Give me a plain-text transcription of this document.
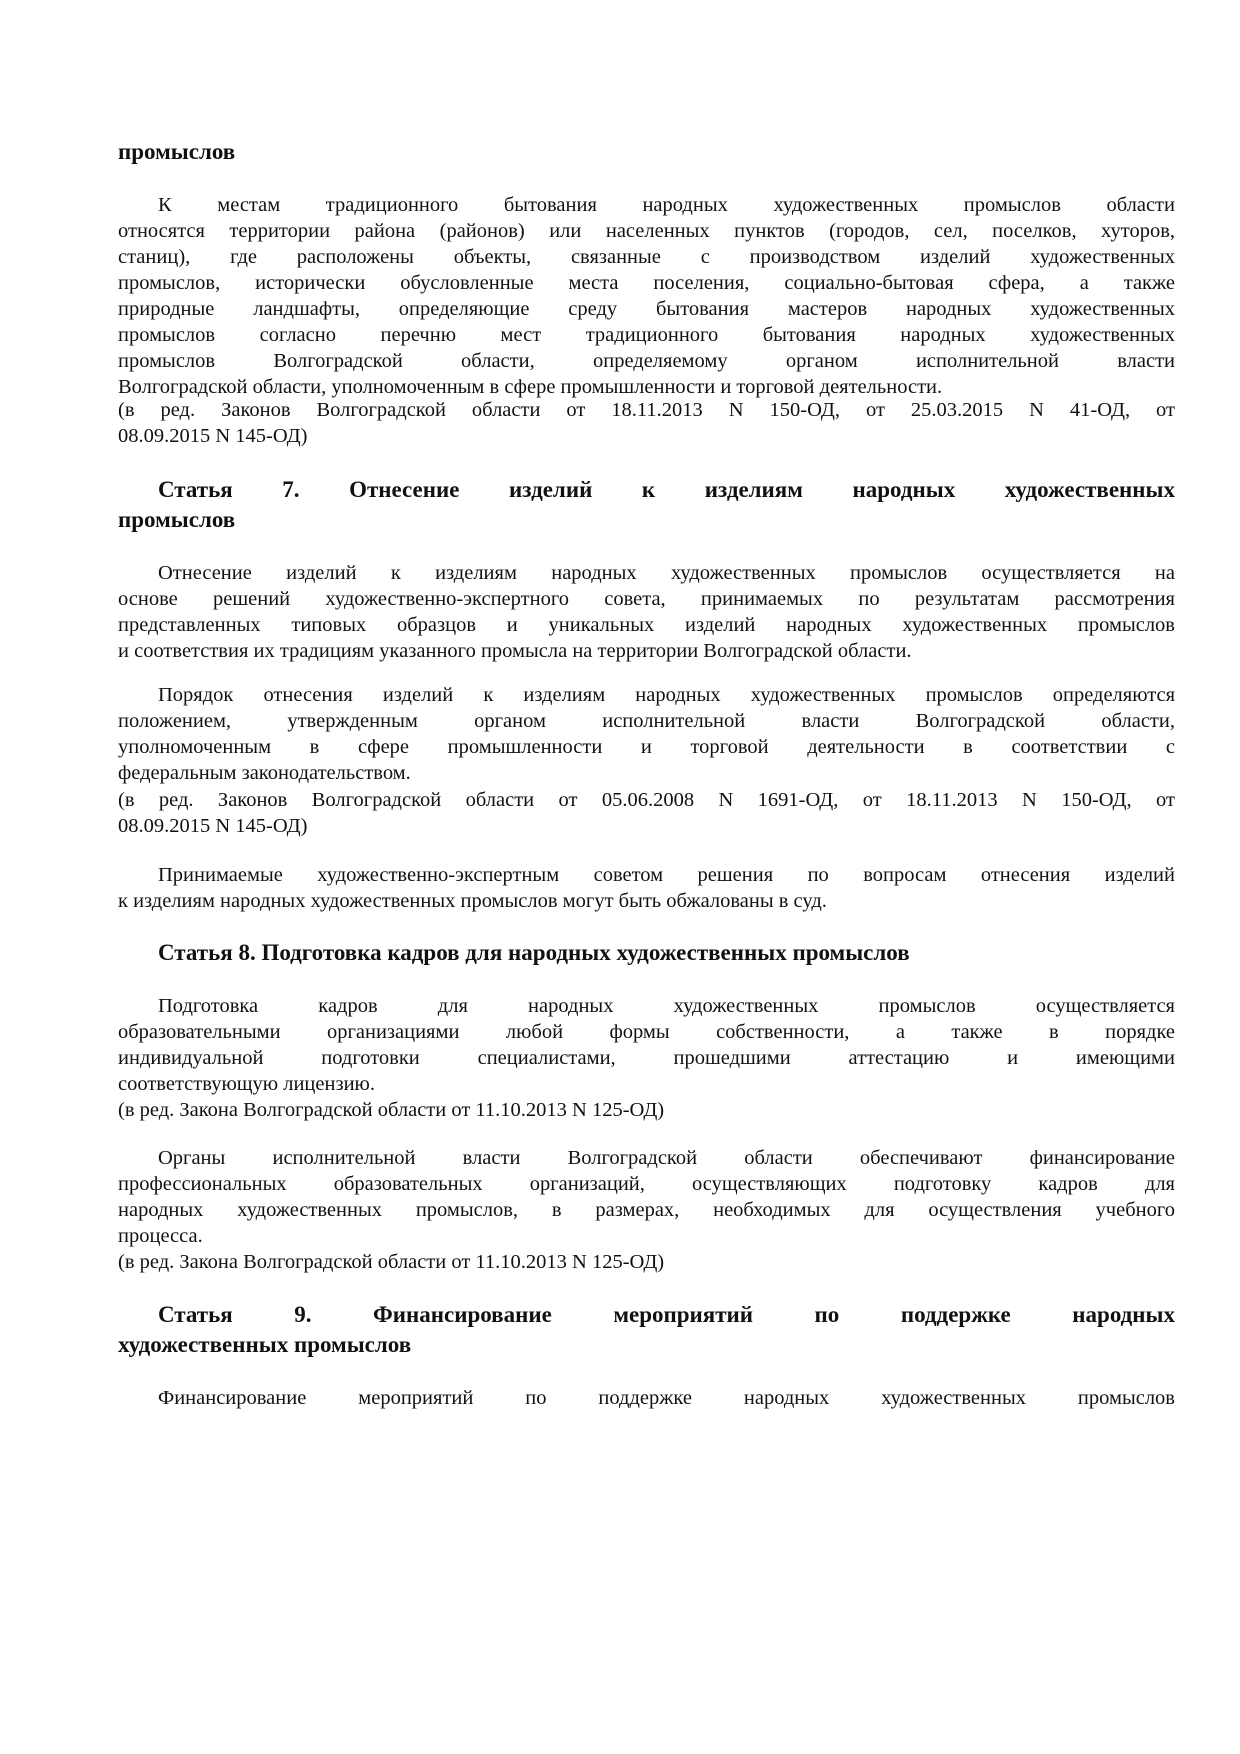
промыслов
К местам традиционного бытования народных художественных промыслов области
относятся территории района (районов) или населенных пунктов (городов, сел, поселков, хуторов,
станиц), где расположены объекты, связанные с производством изделий художественных
промыслов, исторически обусловленные места поселения, социально-бытовая сфера, а также
природные ландшафты, определяющие среду бытования мастеров народных художественных
промыслов согласно перечню мест традиционного бытования народных художественных
промыслов Волгоградской области, определяемому органом исполнительной власти
Волгоградской области, уполномоченным в сфере промышленности и торговой деятельности.
(в ред. Законов Волгоградской области от 18.11.2013 N 150-ОД, от 25.03.2015 N 41-ОД, от
08.09.2015 N 145-ОД)
Статья 7. Отнесение изделий к изделиям народных художественных
промыслов
Отнесение изделий к изделиям народных художественных промыслов осуществляется на
основе решений художественно-экспертного совета, принимаемых по результатам рассмотрения
представленных типовых образцов и уникальных изделий народных художественных промыслов
и соответствия их традициям указанного промысла на территории Волгоградской области.
Порядок отнесения изделий к изделиям народных художественных промыслов определяются
положением, утвержденным органом исполнительной власти Волгоградской области,
уполномоченным в сфере промышленности и торговой деятельности в соответствии с
федеральным законодательством.
(в ред. Законов Волгоградской области от 05.06.2008 N 1691-ОД, от 18.11.2013 N 150-ОД, от
08.09.2015 N 145-ОД)
Принимаемые художественно-экспертным советом решения по вопросам отнесения изделий
к изделиям народных художественных промыслов могут быть обжалованы в суд.
Статья 8. Подготовка кадров для народных художественных промыслов
Подготовка кадров для народных художественных промыслов осуществляется
образовательными организациями любой формы собственности, а также в порядке
индивидуальной подготовки специалистами, прошедшими аттестацию и имеющими
соответствующую лицензию.
(в ред. Закона Волгоградской области от 11.10.2013 N 125-ОД)
Органы исполнительной власти Волгоградской области обеспечивают финансирование
профессиональных образовательных организаций, осуществляющих подготовку кадров для
народных художественных промыслов, в размерах, необходимых для осуществления учебного
процесса.
(в ред. Закона Волгоградской области от 11.10.2013 N 125-ОД)
Статья 9. Финансирование мероприятий по поддержке народных
художественных промыслов
Финансирование мероприятий по поддержке народных художественных промыслов
